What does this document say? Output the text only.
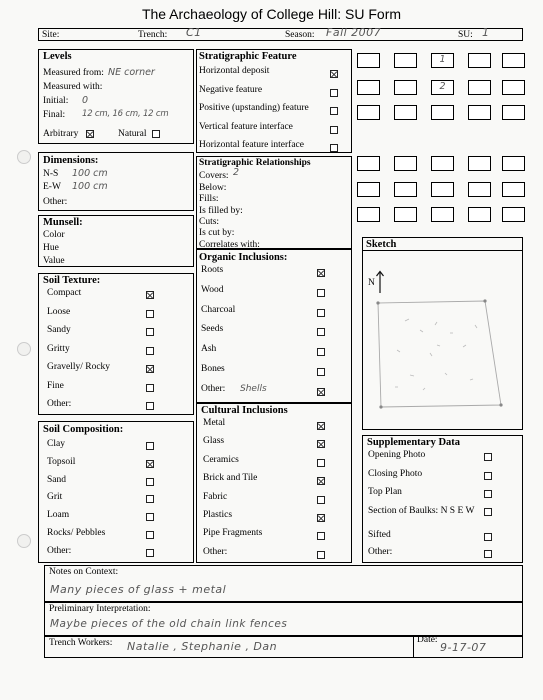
The Archaeology of College Hill: SU Form
Site:	Trench: C1	Season: Fall 2007	SU: 1
Levels
Measured from: NE corner
Measured with:
Initial: 0
Final: 12 cm, 16 cm, 12 cm
Arbitrary	Natural
Dimensions:
N-S 100 cm
E-W 100 cm
Other:
Munsell:
Color
Hue
Value
Soil Texture:
Compact
Loose
Sandy
Gritty
Gravelly/ Rocky
Fine
Other:
Soil Composition:
Clay
Topsoil
Sand
Grit
Loam
Rocks/ Pebbles
Other:
Stratigraphic Feature
Horizontal deposit
Negative feature
Positive (upstanding) feature
Vertical feature interface
Horizontal feature interface
Stratigraphic Relationships
Covers: 2
Below:
Fills:
Is filled by:
Cuts:
Is cut by:
Correlates with:
Organic Inclusions:
Roots
Wood
Charcoal
Seeds
Ash
Bones
Other: Shells
Cultural Inclusions
Metal
Glass
Ceramics
Brick and Tile
Fabric
Plastics
Pipe Fragments
Other:
1
2
Sketch
N
Supplementary Data
Opening Photo
Closing Photo
Top Plan
Section of Baulks: N S E W
Sifted
Other:
Notes on Context:
Many pieces of glass + metal
Preliminary Interpretation:
Maybe pieces of the old chain link fences
Trench Workers: Natalie , Stephanie , Dan	Date:
9-17-07
